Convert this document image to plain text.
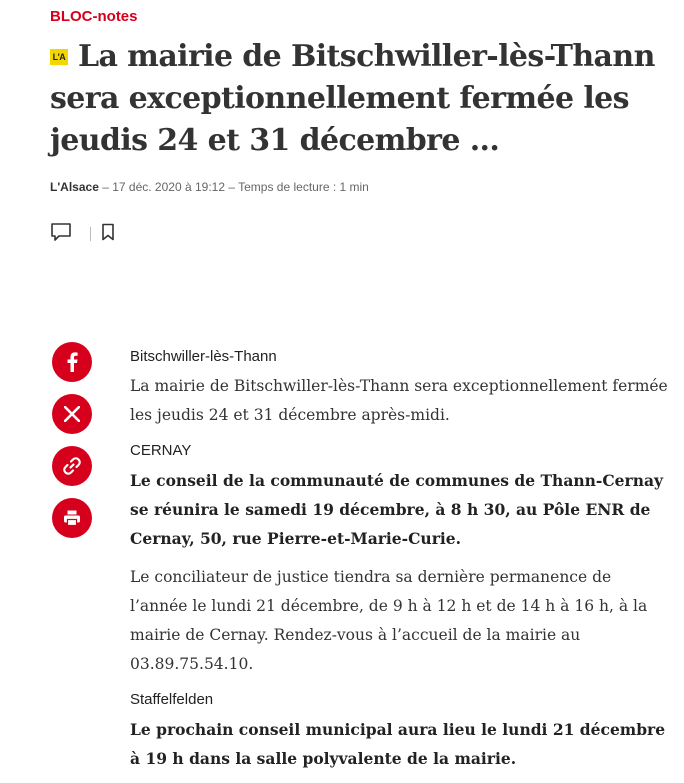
BLOC-notes
L'A La mairie de Bitschwiller-lès-Thann sera exceptionnellement fermée les jeudis 24 et 31 décembre ...
L'Alsace – 17 déc. 2020 à 19:12 – Temps de lecture : 1 min
Bitschwiller-lès-Thann

La mairie de Bitschwiller-lès-Thann sera exceptionnellement fermée les jeudis 24 et 31 décembre après-midi.

CERNAY

Le conseil de la communauté de communes de Thann-Cernay se réunira le samedi 19 décembre, à 8 h 30, au Pôle ENR de Cernay, 50, rue Pierre-et-Marie-Curie.

Le conciliateur de justice tiendra sa dernière permanence de l’année le lundi 21 décembre, de 9 h à 12 h et de 14 h à 16 h, à la mairie de Cernay. Rendez-vous à l’accueil de la mairie au 03.89.75.54.10.

Staffelfelden

Le prochain conseil municipal aura lieu le lundi 21 décembre à 19 h dans la salle polyvalente de la mairie.
